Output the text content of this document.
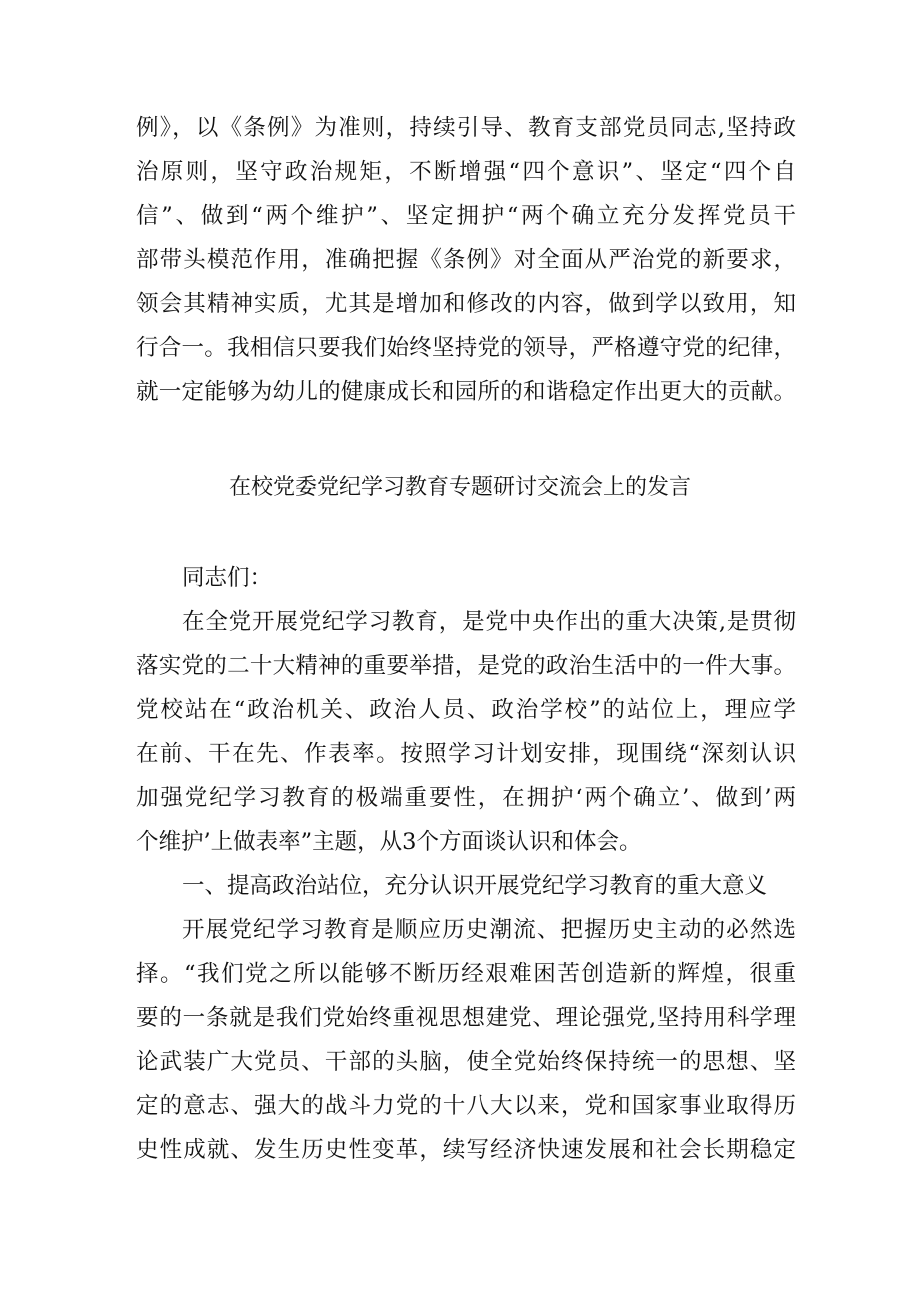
例》，以《条例》为准则，持续引导、教育支部党员同志,坚持政
治原则，坚守政治规矩，不断增强“四个意识”、坚定“四个自
信”、做到“两个维护”、坚定拥护“两个确立充分发挥党员干
部带头模范作用，准确把握《条例》对全面从严治党的新要求，
领会其精神实质，尤其是增加和修改的内容，做到学以致用，知
行合一。我相信只要我们始终坚持党的领导，严格遵守党的纪律，
就一定能够为幼儿的健康成长和园所的和谐稳定作出更大的贡献。
在校党委党纪学习教育专题研讨交流会上的发言
同志们：
在全党开展党纪学习教育，是党中央作出的重大决策,是贯彻
落实党的二十大精神的重要举措，是党的政治生活中的一件大事。
党校站在“政治机关、政治人员、政治学校”的站位上，理应学
在前、干在先、作表率。按照学习计划安排，现围绕“深刻认识
加强党纪学习教育的极端重要性，在拥护‘两个确立’、做到’两
个维护’上做表率”主题，从3个方面谈认识和体会。
一、提高政治站位，充分认识开展党纪学习教育的重大意义
开展党纪学习教育是顺应历史潮流、把握历史主动的必然选
择。“我们党之所以能够不断历经艰难困苦创造新的辉煌，很重
要的一条就是我们党始终重视思想建党、理论强党,坚持用科学理
论武装广大党员、干部的头脑，使全党始终保持统一的思想、坚
定的意志、强大的战斗力党的十八大以来，党和国家事业取得历
史性成就、发生历史性变革，续写经济快速发展和社会长期稳定
